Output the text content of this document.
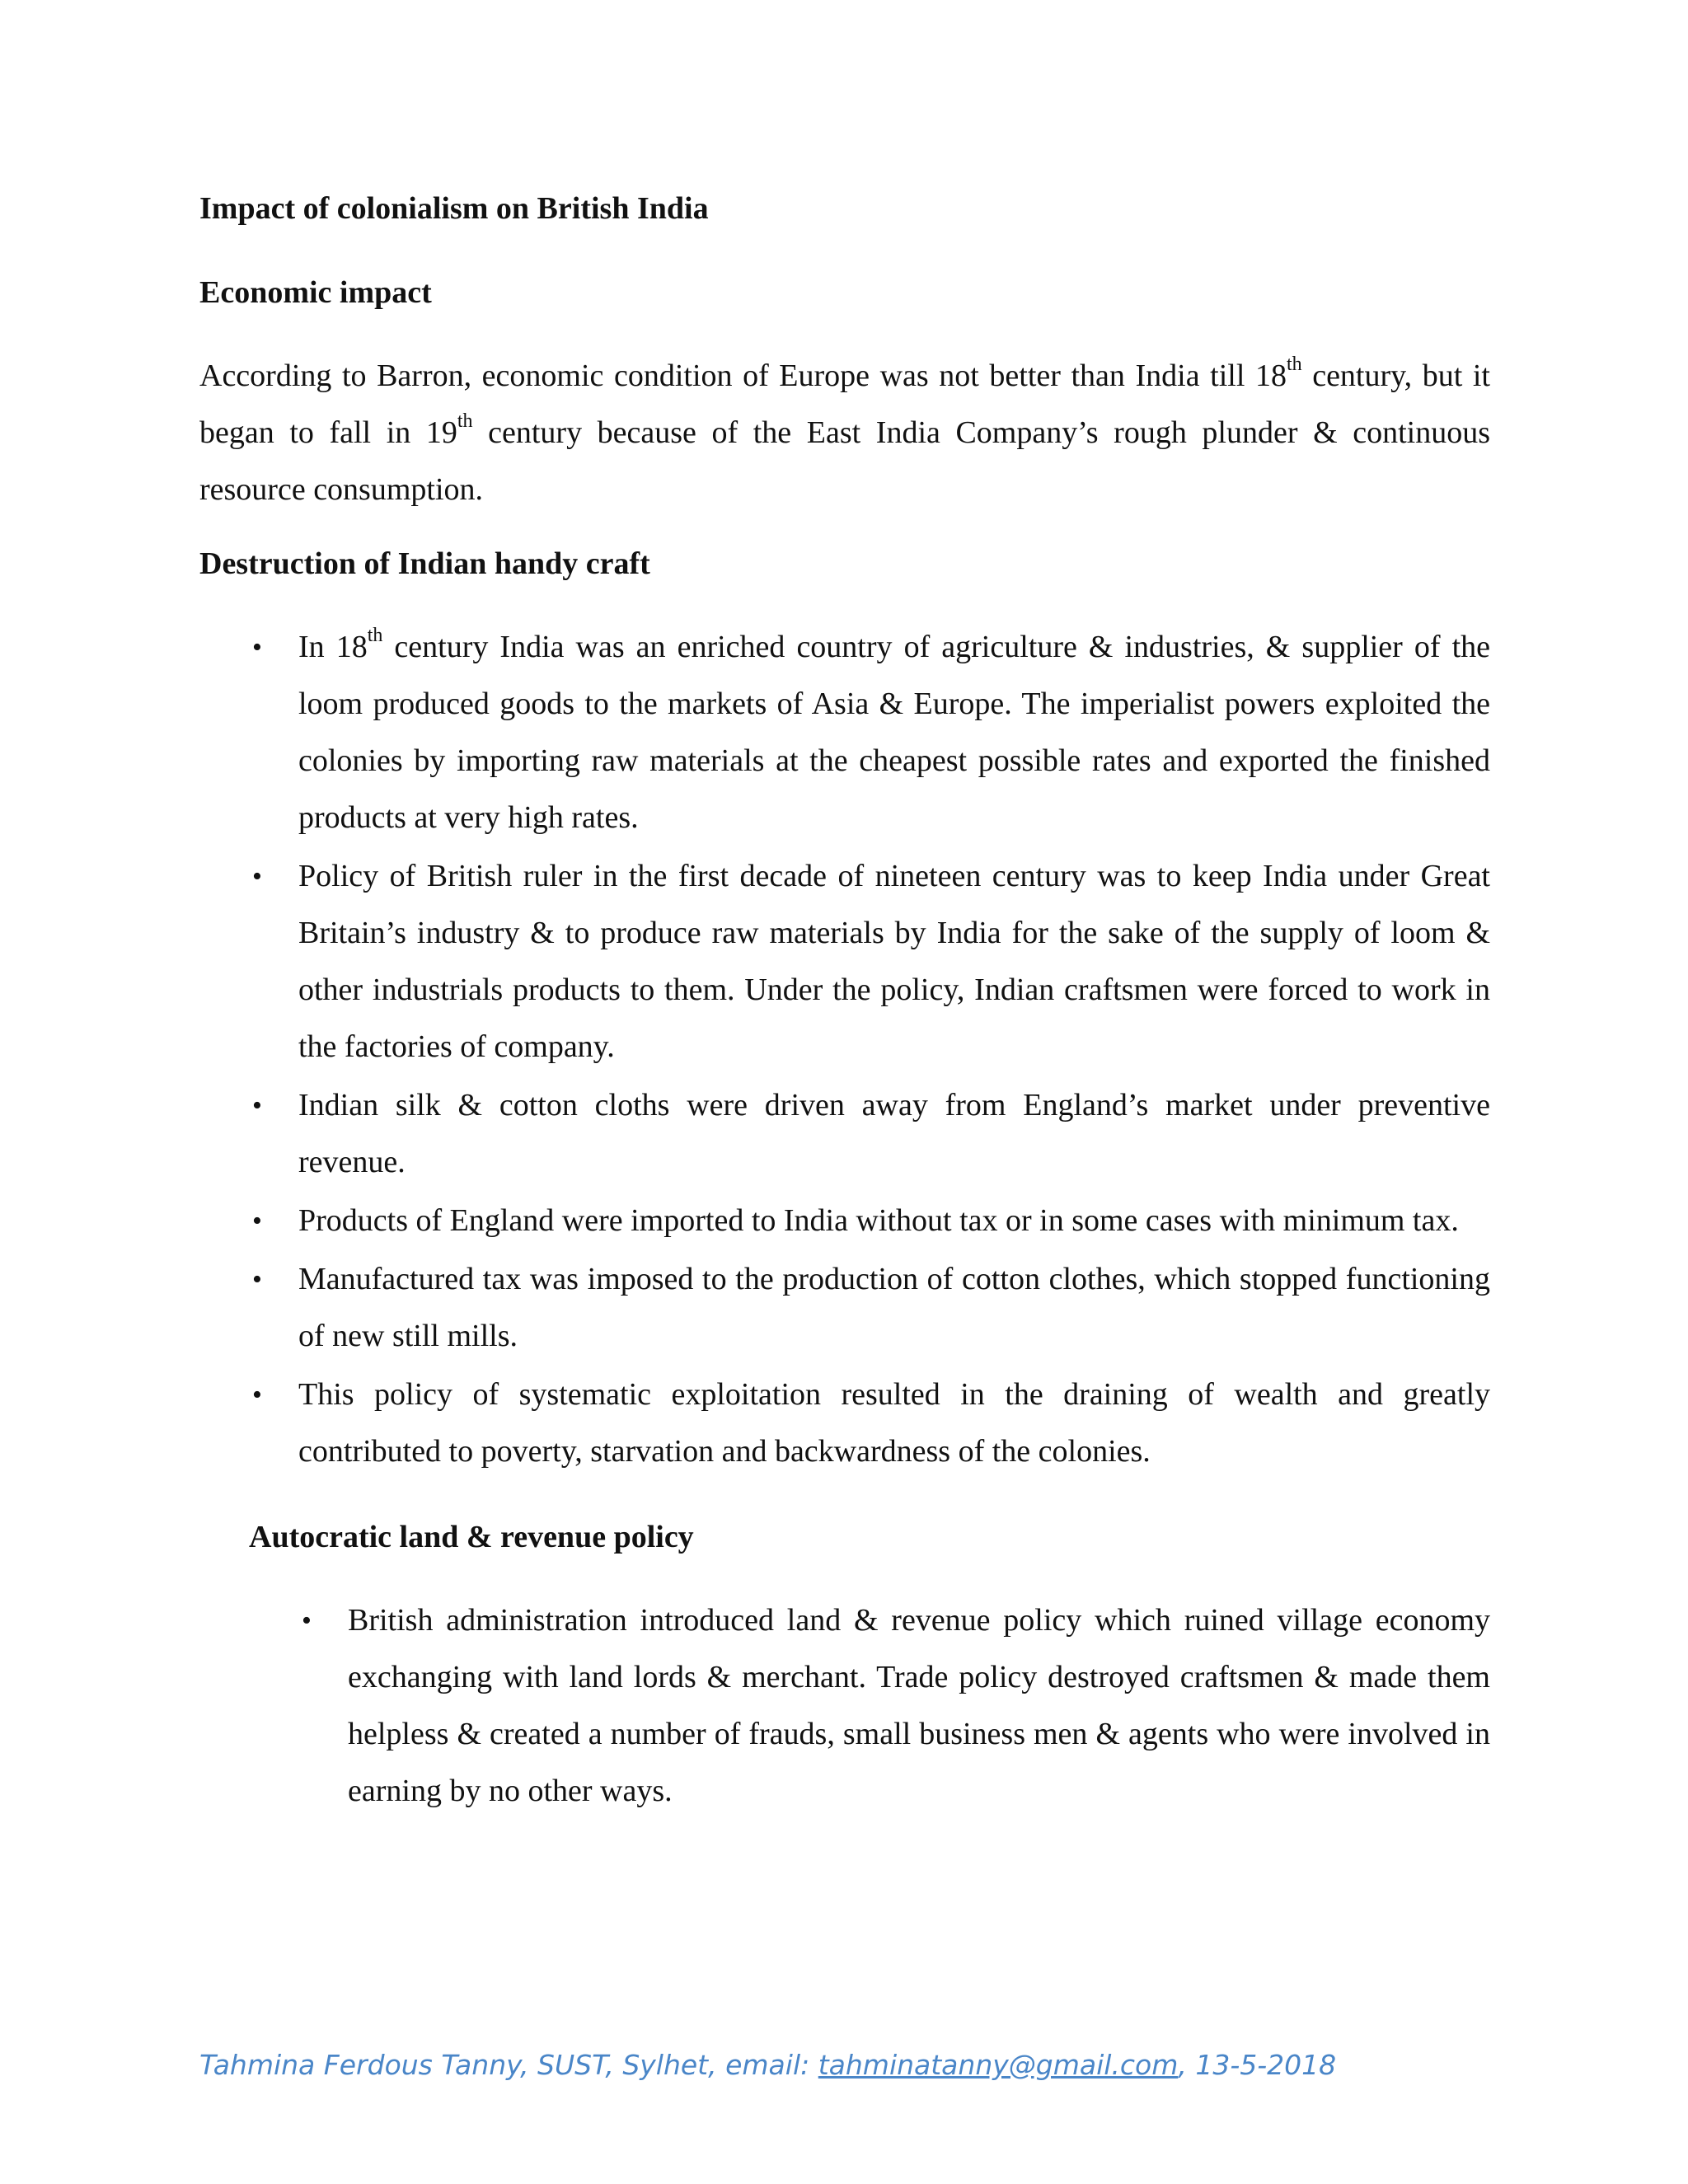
Impact of colonialism on British India
Economic impact

According to Barron, economic condition of Europe was not better than India till 18th century, but it began to fall in 19th century because of the East India Company’s rough plunder & continuous resource consumption.

Destruction of Indian handy craft
• In 18th century India was an enriched country of agriculture & industries, & supplier of the loom produced goods to the markets of Asia & Europe. The imperialist powers exploited the colonies by importing raw materials at the cheapest possible rates and exported the finished products at very high rates.
• Policy of British ruler in the first decade of nineteen century was to keep India under Great Britain’s industry & to produce raw materials by India for the sake of the supply of loom & other industrials products to them. Under the policy, Indian craftsmen were forced to work in the factories of company.
• Indian silk & cotton cloths were driven away from England’s market under preventive revenue.
• Products of England were imported to India without tax or in some cases with minimum tax.
• Manufactured tax was imposed to the production of cotton clothes, which stopped functioning of new still mills.
• This policy of systematic exploitation resulted in the draining of wealth and greatly contributed to poverty, starvation and backwardness of the colonies.
Autocratic land & revenue policy
• British administration introduced land & revenue policy which ruined village economy exchanging with land lords & merchant. Trade policy destroyed craftsmen & made them helpless & created a number of frauds, small business men & agents who were involved in earning by no other ways.
Tahmina Ferdous Tanny, SUST, Sylhet, email: tahminatanny@gmail.com, 13-5-2018
